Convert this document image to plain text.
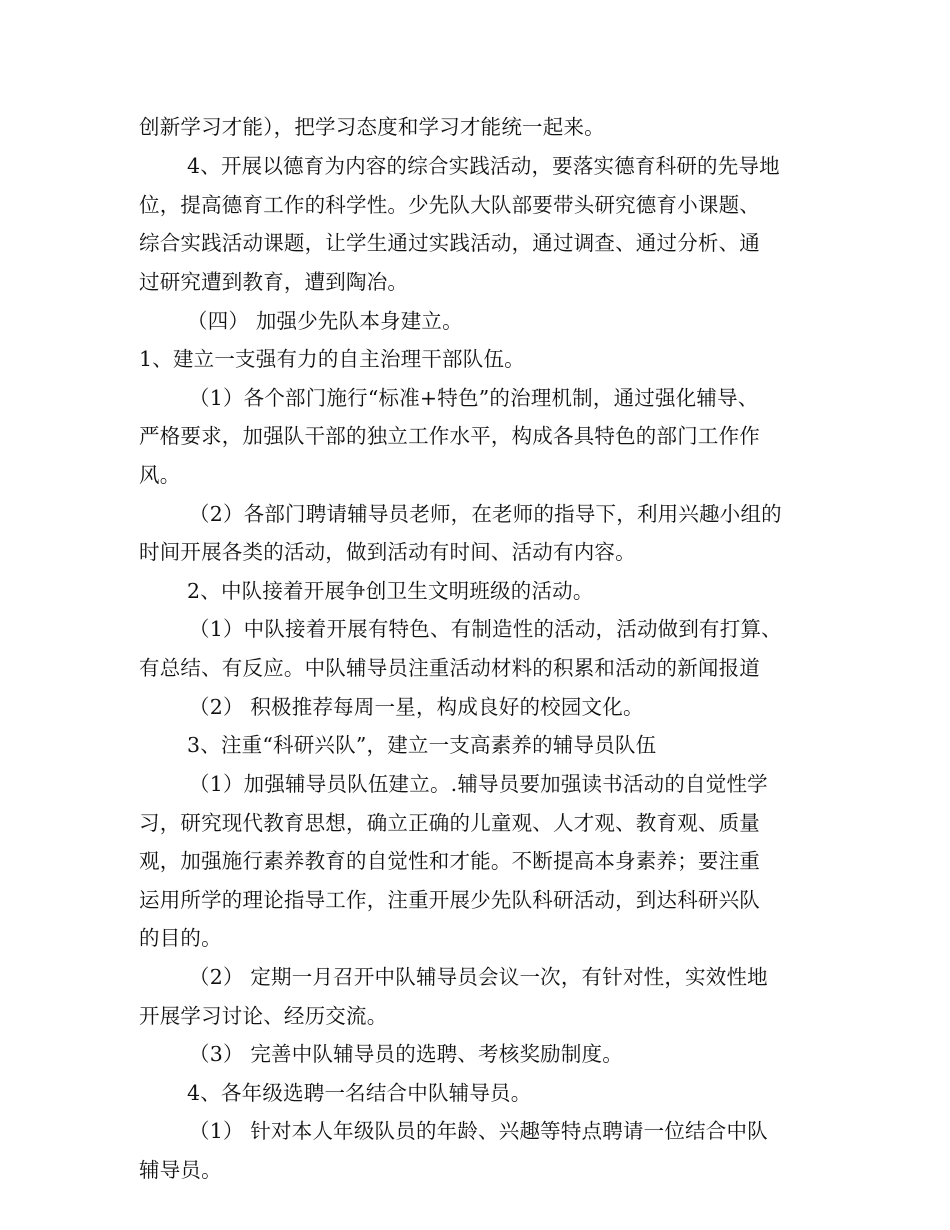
创新学习才能），把学习态度和学习才能统一起来。

4、开展以德育为内容的综合实践活动，要落实德育科研的先导地

位，提高德育工作的科学性。少先队大队部要带头研究德育小课题、

综合实践活动课题，让学生通过实践活动，通过调查、通过分析、通

过研究遭到教育，遭到陶冶。

（四） 加强少先队本身建立。

1、建立一支强有力的自主治理干部队伍。

（1）各个部门施行“标准+特色”的治理机制，通过强化辅导、

严格要求，加强队干部的独立工作水平，构成各具特色的部门工作作

风。

（2）各部门聘请辅导员老师，在老师的指导下，利用兴趣小组的

时间开展各类的活动，做到活动有时间、活动有内容。

2、中队接着开展争创卫生文明班级的活动。

（1）中队接着开展有特色、有制造性的活动，活动做到有打算、

有总结、有反应。中队辅导员注重活动材料的积累和活动的新闻报道

（2） 积极推荐每周一星，构成良好的校园文化。

3、注重“科研兴队”，建立一支高素养的辅导员队伍

（1）加强辅导员队伍建立。.辅导员要加强读书活动的自觉性学

习，研究现代教育思想，确立正确的儿童观、人才观、教育观、质量

观，加强施行素养教育的自觉性和才能。不断提高本身素养；要注重

运用所学的理论指导工作，注重开展少先队科研活动，到达科研兴队

的目的。

（2） 定期一月召开中队辅导员会议一次，有针对性，实效性地

开展学习讨论、经历交流。

（3） 完善中队辅导员的选聘、考核奖励制度。

4、各年级选聘一名结合中队辅导员。

（1） 针对本人年级队员的年龄、兴趣等特点聘请一位结合中队

辅导员。
